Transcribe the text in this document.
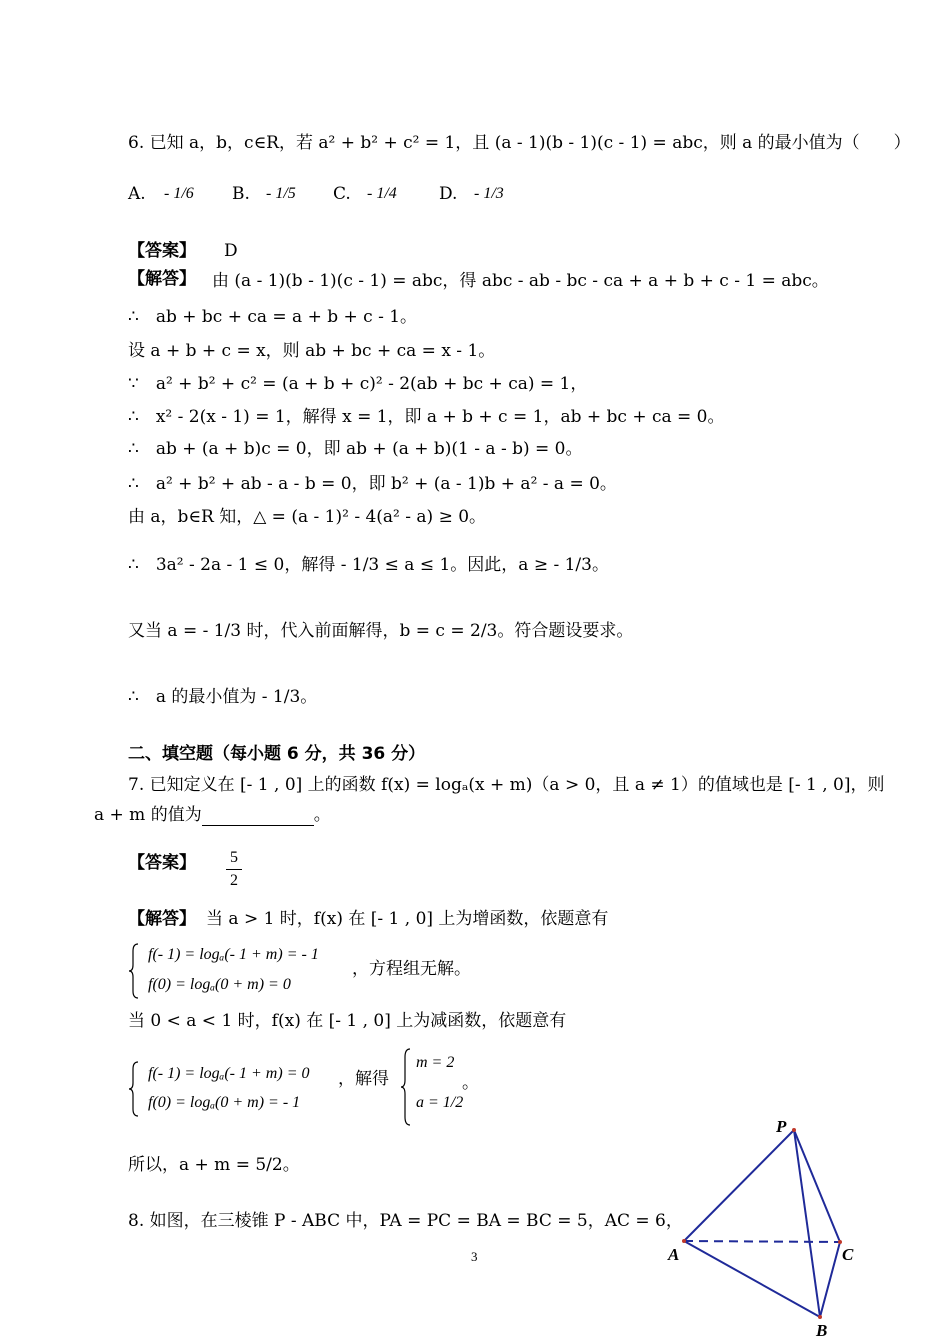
6. 已知 a，b，c∈R，若 a² + b² + c² = 1，且 (a - 1)(b - 1)(c - 1) = abc，则 a 的最小值为（　　）
A. - 1/6 B. - 1/5 C. - 1/4 D. - 1/3
【答案】 D
【解答】 由 (a - 1)(b - 1)(c - 1) = abc，得 abc - ab - bc - ca + a + b + c - 1 = abc。
∴　ab + bc + ca = a + b + c - 1。
设 a + b + c = x，则 ab + bc + ca = x - 1。
∵　a² + b² + c² = (a + b + c)² - 2(ab + bc + ca) = 1，
∴　x² - 2(x - 1) = 1，解得 x = 1，即 a + b + c = 1，ab + bc + ca = 0。
∴　ab + (a + b)c = 0，即 ab + (a + b)(1 - a - b) = 0。
∴　a² + b² + ab - a - b = 0，即 b² + (a - 1)b + a² - a = 0。
由 a，b∈R 知，△ = (a - 1)² - 4(a² - a) ≥ 0。
∴　3a² - 2a - 1 ≤ 0，解得 - 1/3 ≤ a ≤ 1。因此，a ≥ - 1/3。
又当 a = - 1/3 时，代入前面解得，b = c = 2/3。符合题设要求。
∴　a 的最小值为 - 1/3。
二、填空题（每小题 6 分，共 36 分）
7. 已知定义在 [- 1 , 0] 上的函数 f(x) = logₐ(x + m)（a > 0，且 a ≠ 1）的值域也是 [- 1 , 0]，则
a + m 的值为	。
【答案】 5
2
【解答】 当 a > 1 时，f(x) 在 [- 1 , 0] 上为增函数，依题意有
f(- 1) = logₐ(- 1 + m) = - 1
f(0) = logₐ(0 + m) = 0
，方程组无解。
当 0 < a < 1 时，f(x) 在 [- 1 , 0] 上为减函数，依题意有
f(- 1) = logₐ(- 1 + m) = 0
f(0) = logₐ(0 + m) = - 1
，解得
m = 2
a = 1/2
。
所以，a + m = 5/2。
8. 如图，在三棱锥 P - ABC 中，PA = PC = BA = BC = 5，AC = 6，
P
A	C
B
3
